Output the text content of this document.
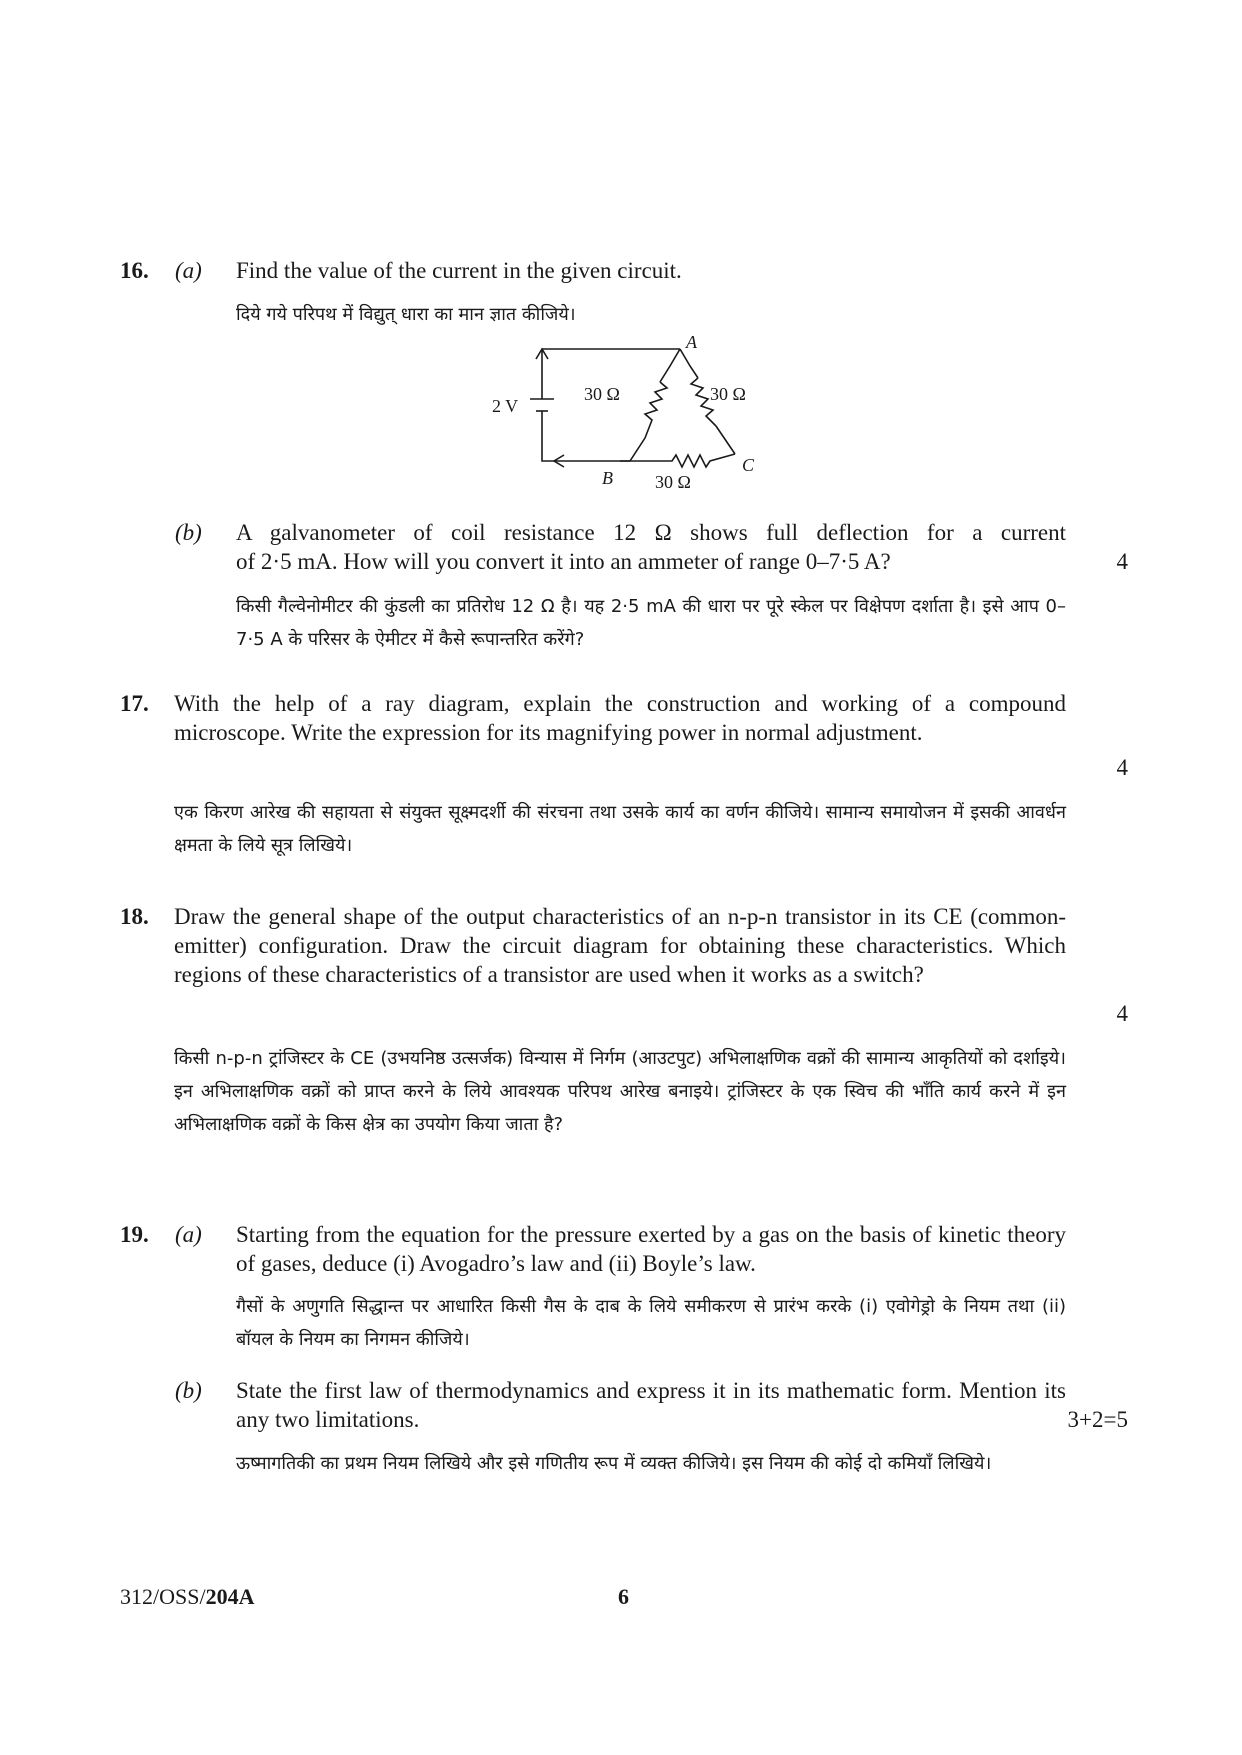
16. (a) Find the value of the current in the given circuit.
दिये गये परिपथ में विद्युत् धारा का मान ज्ञात कीजिये।
2 V
30 Ω	30 Ω
30 Ω
A
B
C
(b) A galvanometer of coil resistance 12 Ω shows full deflection for a current
of 2·5 mA. How will you convert it into an ammeter of range 0–7·5 A?	4
किसी गैल्वेनोमीटर की कुंडली का प्रतिरोध 12 Ω है। यह 2·5 mA की धारा पर पूरे स्केल पर विक्षेपण दर्शाता है। इसे आप 0–7·5 A के परिसर के ऐमीटर में कैसे रूपान्तरित करेंगे?
17. With the help of a ray diagram, explain the construction and working of a compound microscope. Write the expression for its magnifying power in normal adjustment.
4
एक किरण आरेख की सहायता से संयुक्त सूक्ष्मदर्शी की संरचना तथा उसके कार्य का वर्णन कीजिये। सामान्य समायोजन में इसकी आवर्धन क्षमता के लिये सूत्र लिखिये।
18. Draw the general shape of the output characteristics of an n-p-n transistor in its CE (common-emitter) configuration. Draw the circuit diagram for obtaining these characteristics. Which regions of these characteristics of a transistor are used when it works as a switch?
4
किसी n-p-n ट्रांजिस्टर के CE (उभयनिष्ठ उत्सर्जक) विन्यास में निर्गम (आउटपुट) अभिलाक्षणिक वक्रों की सामान्य आकृतियों को दर्शाइये। इन अभिलाक्षणिक वक्रों को प्राप्त करने के लिये आवश्यक परिपथ आरेख बनाइये। ट्रांजिस्टर के एक स्विच की भाँति कार्य करने में इन अभिलाक्षणिक वक्रों के किस क्षेत्र का उपयोग किया जाता है?
19. (a) Starting from the equation for the pressure exerted by a gas on the basis of kinetic theory of gases, deduce (i) Avogadro’s law and (ii) Boyle’s law.
गैसों के अणुगति सिद्धान्त पर आधारित किसी गैस के दाब के लिये समीकरण से प्रारंभ करके (i) एवोगेड्रो के नियम तथा (ii) बॉयल के नियम का निगमन कीजिये।
(b) State the first law of thermodynamics and express it in its mathematic form. Mention its any two limitations.	3+2=5
ऊष्मागतिकी का प्रथम नियम लिखिये और इसे गणितीय रूप में व्यक्त कीजिये। इस नियम की कोई दो कमियाँ लिखिये।
312/OSS/204A	6
